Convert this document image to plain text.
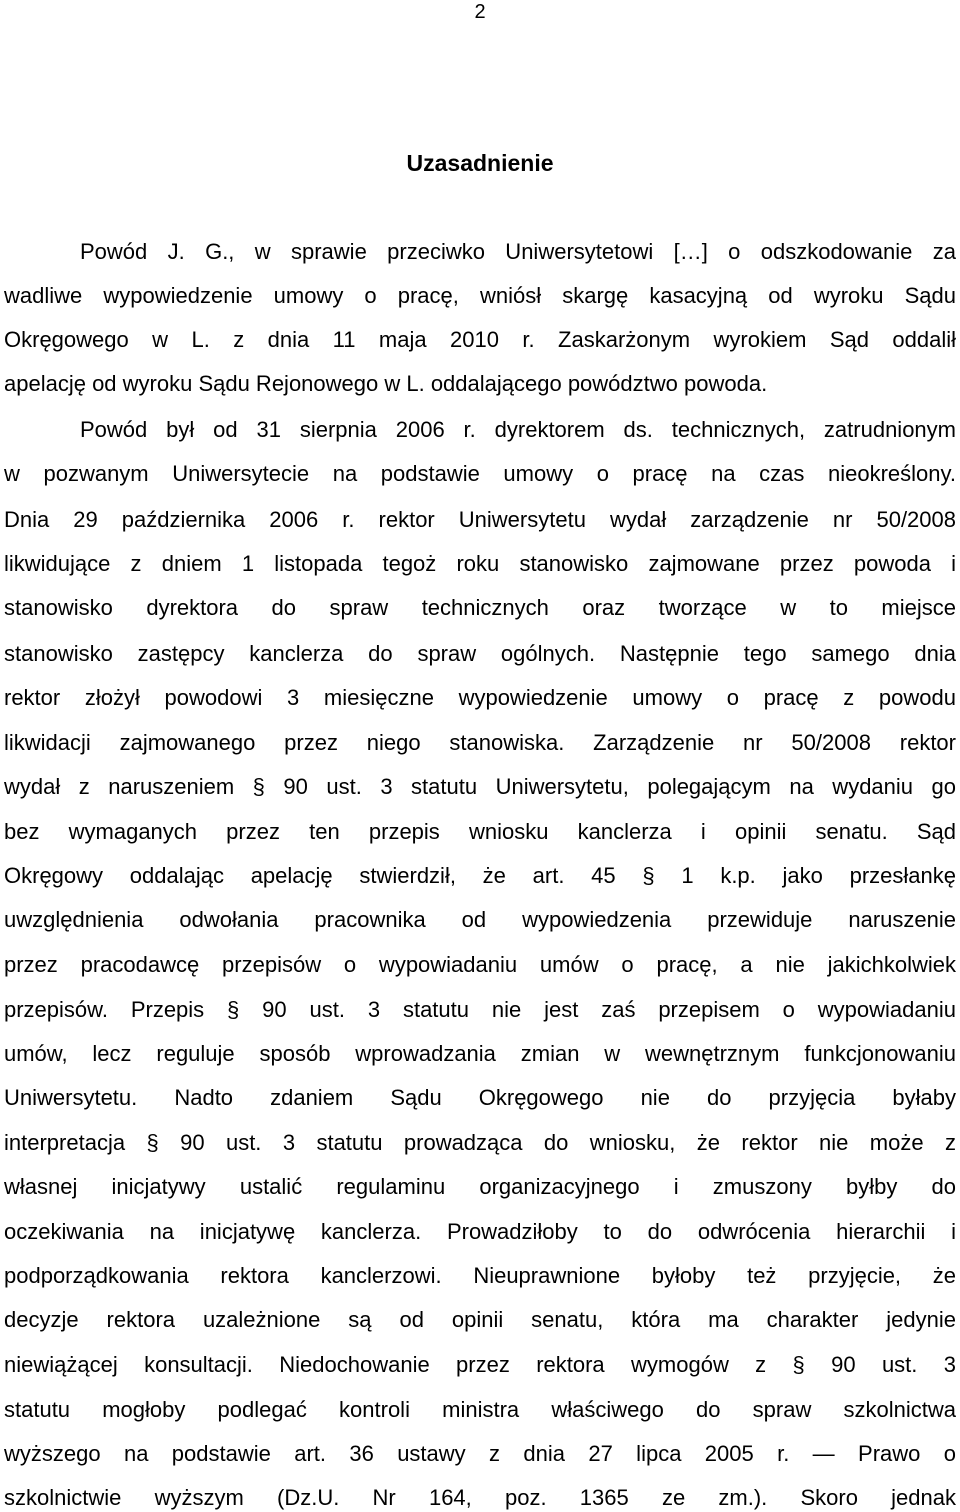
2
Uzasadnienie
Powód J. G., w sprawie przeciwko Uniwersytetowi […] o odszkodowanie za
wadliwe wypowiedzenie umowy o pracę, wniósł skargę kasacyjną od wyroku Sądu
Okręgowego w L. z dnia 11 maja 2010 r. Zaskarżonym wyrokiem Sąd oddalił
apelację od wyroku Sądu Rejonowego w L. oddalającego powództwo powoda.
Powód był od 31 sierpnia 2006 r. dyrektorem ds. technicznych, zatrudnionym
w pozwanym Uniwersytecie na podstawie umowy o pracę na czas nieokreślony.
Dnia 29 października 2006 r. rektor Uniwersytetu wydał zarządzenie nr 50/2008
likwidujące z dniem 1 listopada tegoż roku stanowisko zajmowane przez powoda i
stanowisko dyrektora do spraw technicznych oraz tworzące w to miejsce
stanowisko zastępcy kanclerza do spraw ogólnych. Następnie tego samego dnia
rektor złożył powodowi 3 miesięczne wypowiedzenie umowy o pracę z powodu
likwidacji zajmowanego przez niego stanowiska. Zarządzenie nr 50/2008 rektor
wydał z naruszeniem § 90 ust. 3 statutu Uniwersytetu, polegającym na wydaniu go
bez wymaganych przez ten przepis wniosku kanclerza i opinii senatu. Sąd
Okręgowy oddalając apelację stwierdził, że art. 45 § 1 k.p. jako przesłankę
uwzględnienia odwołania pracownika od wypowiedzenia przewiduje naruszenie
przez pracodawcę przepisów o wypowiadaniu umów o pracę, a nie jakichkolwiek
przepisów. Przepis § 90 ust. 3 statutu nie jest zaś przepisem o wypowiadaniu
umów, lecz reguluje sposób wprowadzania zmian w wewnętrznym funkcjonowaniu
Uniwersytetu. Nadto zdaniem Sądu Okręgowego nie do przyjęcia byłaby
interpretacja § 90 ust. 3 statutu prowadząca do wniosku, że rektor nie może z
własnej inicjatywy ustalić regulaminu organizacyjnego i zmuszony byłby do
oczekiwania na inicjatywę kanclerza. Prowadziłoby to do odwrócenia hierarchii i
podporządkowania rektora kanclerzowi. Nieuprawnione byłoby też przyjęcie, że
decyzje rektora uzależnione są od opinii senatu, która ma charakter jedynie
niewiążącej konsultacji. Niedochowanie przez rektora wymogów z § 90 ust. 3
statutu mogłoby podlegać kontroli ministra właściwego do spraw szkolnictwa
wyższego na podstawie art. 36 ustawy z dnia 27 lipca 2005 r. — Prawo o
szkolnictwie wyższym (Dz.U. Nr 164, poz. 1365 ze zm.). Skoro jednak
